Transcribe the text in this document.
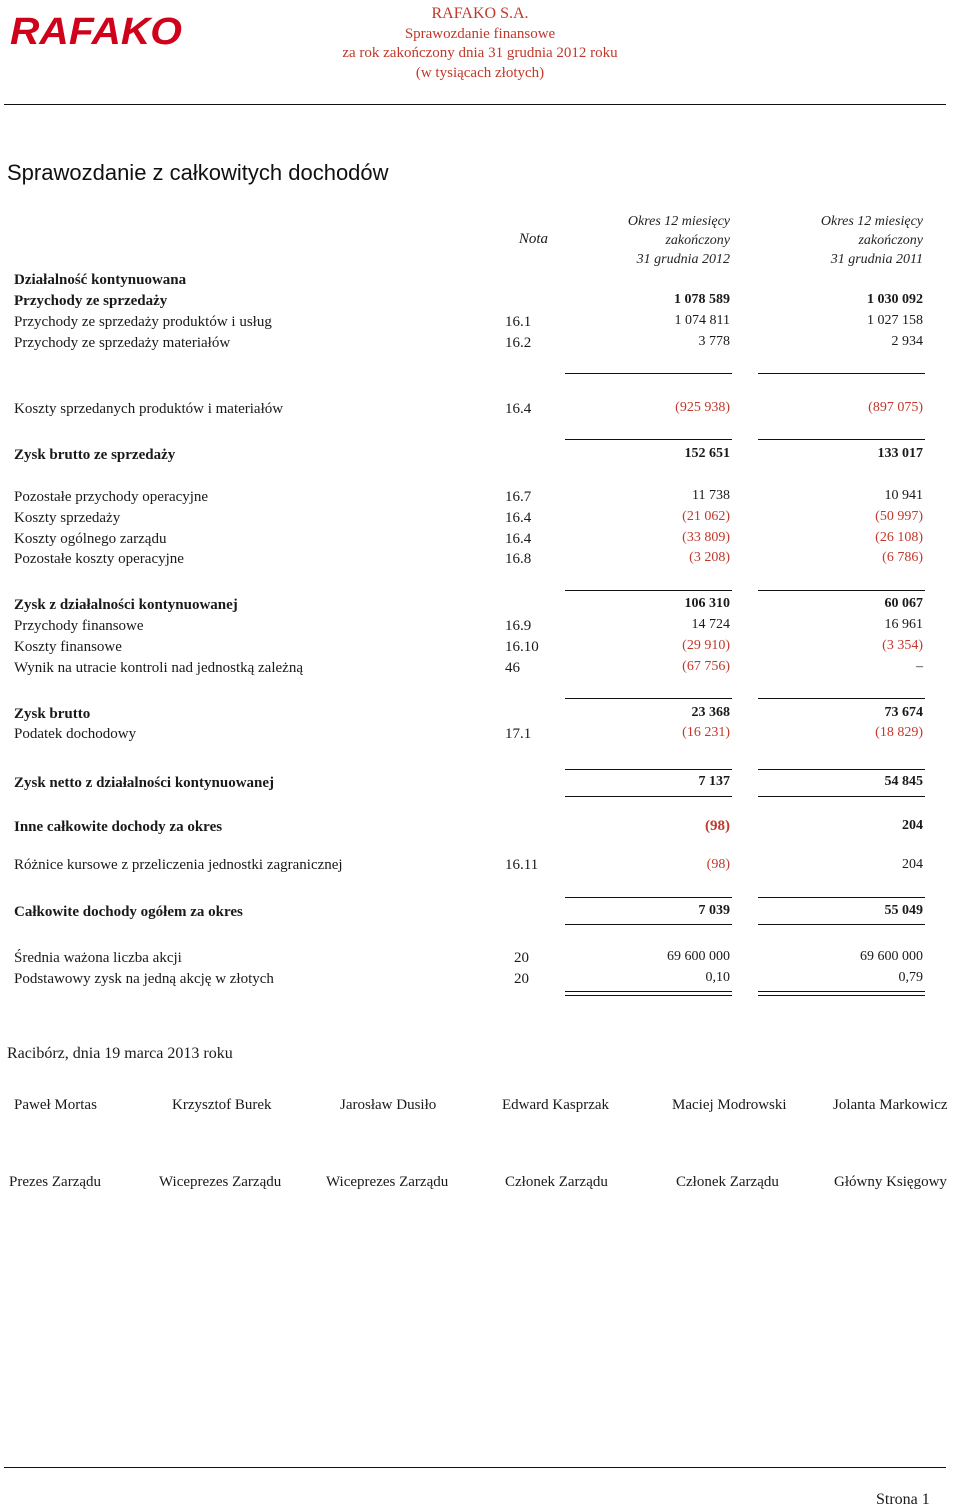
RAFAKO	RAFAKO S.A.
Sprawozdanie finansowe
za rok zakończony dnia 31 grudnia 2012 roku
(w tysiącach złotych)
Sprawozdanie z całkowitych dochodów
Nota
Okres 12 miesięcy
zakończony
31 grudnia 2012
Okres 12 miesięcy
zakończony
31 grudnia 2011
Działalność kontynuowana
Przychody ze sprzedaży	1 078 589	1 030 092
Przychody ze sprzedaży produktów i usług	16.1	1 074 811	1 027 158
Przychody ze sprzedaży materiałów	16.2	3 778	2 934
Koszty sprzedanych produktów i materiałów	16.4	(925 938)	(897 075)
Zysk brutto ze sprzedaży	152 651	133 017
Pozostałe przychody operacyjne	16.7	11 738	10 941
Koszty sprzedaży	16.4	(21 062)	(50 997)
Koszty ogólnego zarządu	16.4	(33 809)	(26 108)
Pozostałe koszty operacyjne	16.8	(3 208)	(6 786)
Zysk z działalności kontynuowanej	106 310	60 067
Przychody finansowe	16.9	14 724	16 961
Koszty finansowe	16.10	(29 910)	(3 354)
Wynik na utracie kontroli nad jednostką zależną	46	(67 756)	–
Zysk brutto	23 368	73 674
Podatek dochodowy	17.1	(16 231)	(18 829)
Zysk netto z działalności kontynuowanej	7 137	54 845
Inne całkowite dochody za okres	(98)	204
Różnice kursowe z przeliczenia jednostki zagranicznej	16.11	(98)	204
Całkowite dochody ogółem za okres	7 039	55 049
Średnia ważona liczba akcji	20	69 600 000	69 600 000
Podstawowy zysk na jedną akcję w złotych	20	0,10	0,79
Racibórz, dnia 19 marca 2013 roku
Paweł Mortas	Krzysztof Burek	Jarosław Dusiło	Edward Kasprzak	Maciej Modrowski	Jolanta Markowicz
Prezes Zarządu	Wiceprezes Zarządu	Wiceprezes Zarządu	Członek Zarządu	Członek Zarządu	Główny Księgowy
Strona 1
